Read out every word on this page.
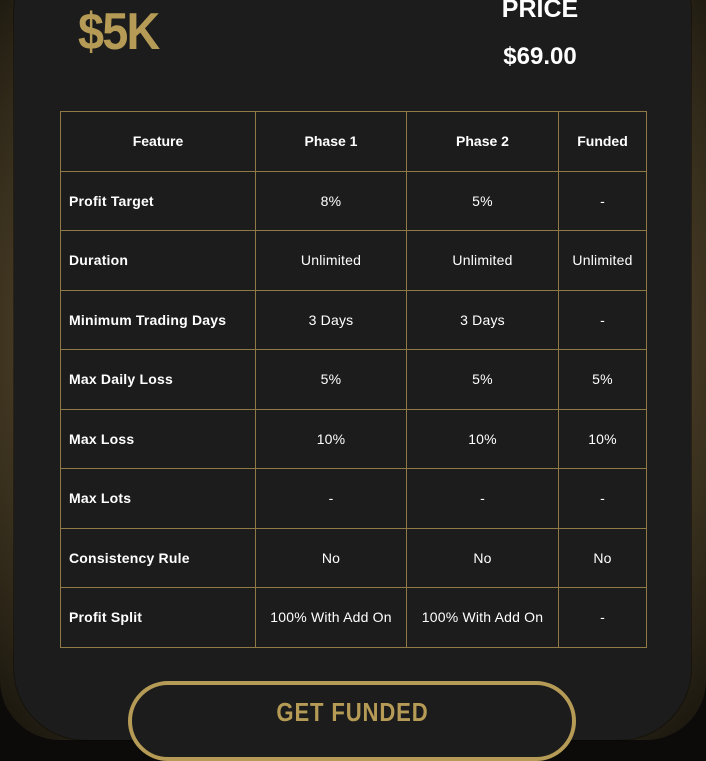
$5K	PRICE
$69.00
Feature	Phase 1	Phase 2	Funded
Profit Target	8%	5%	-
Duration	Unlimited	Unlimited	Unlimited
Minimum Trading Days	3 Days	3 Days	-
Max Daily Loss	5%	5%	5%
Max Loss	10%	10%	10%
Max Lots	-	-	-
Consistency Rule	No	No	No
Profit Split	100% With Add On	100% With Add On	-
GET FUNDED
